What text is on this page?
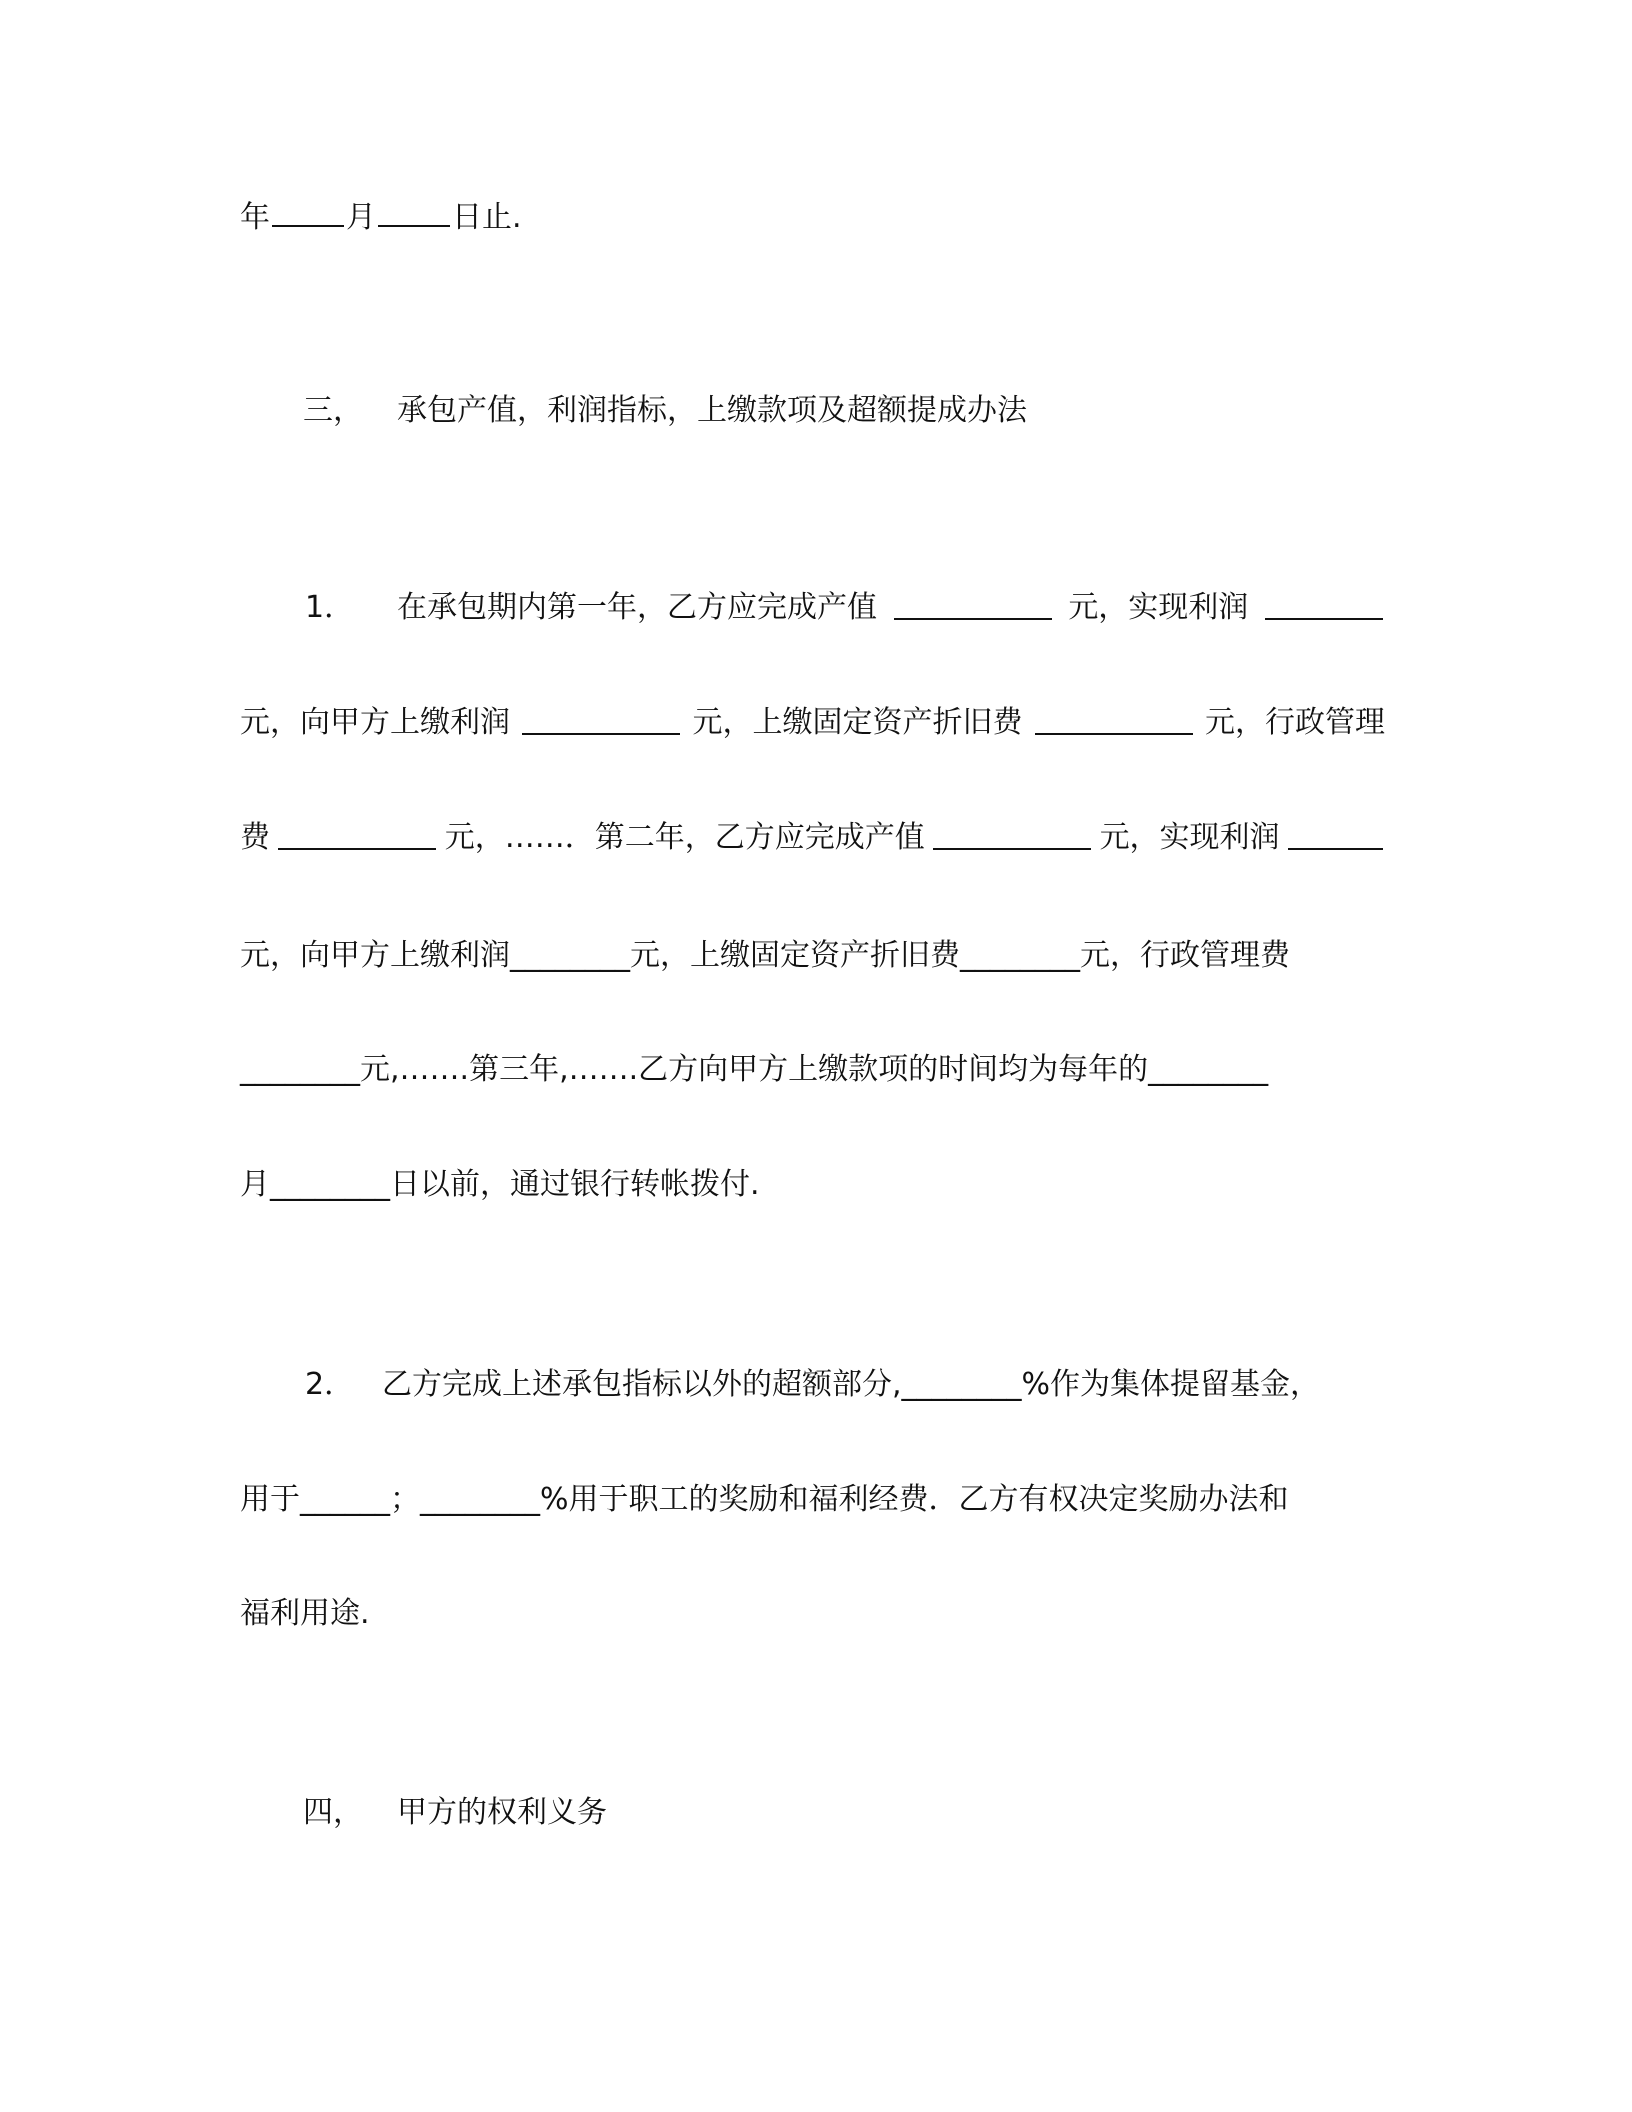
年	月	日止.
三， 承包产值，利润指标，上缴款项及超额提成办法
1． 在承包期内第一年，乙方应完成产值	元，实现利润
元，向甲方上缴利润	元，上缴固定资产折旧费	元，行政管理
费	元，……．第二年，乙方应完成产值	元，实现利润
元，向甲方上缴利润________元，上缴固定资产折旧费________元，行政管理费
________元,…….第三年,…….乙方向甲方上缴款项的时间均为每年的________
月________日以前，通过银行转帐拨付.
2． 乙方完成上述承包指标以外的超额部分,________%作为集体提留基金，
用于______；________%用于职工的奖励和福利经费．乙方有权决定奖励办法和
福利用途.
四， 甲方的权利义务
